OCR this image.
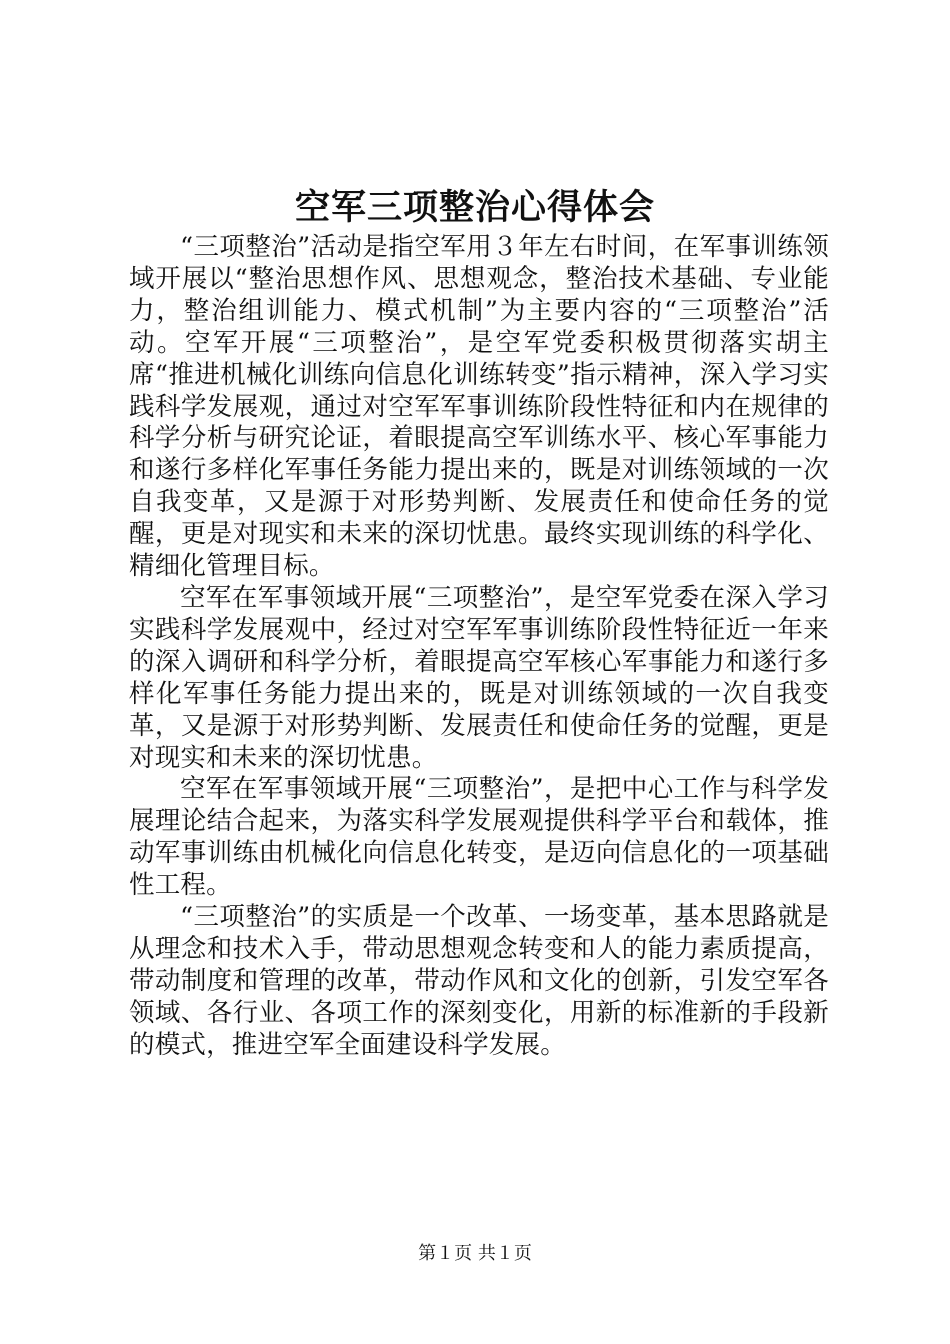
空军三项整治心得体会

“三项整治”活动是指空军用３年左右时间，在军事训练领域开展以“整治思想作风、思想观念，整治技术基础、专业能力，整治组训能力、模式机制”为主要内容的“三项整治”活动。空军开展“三项整治”，是空军党委积极贯彻落实胡主席“推进机械化训练向信息化训练转变”指示精神，深入学习实践科学发展观，通过对空军军事训练阶段性特征和内在规律的科学分析与研究论证，着眼提高空军训练水平、核心军事能力和遂行多样化军事任务能力提出来的，既是对训练领域的一次自我变革，又是源于对形势判断、发展责任和使命任务的觉醒，更是对现实和未来的深切忧患。最终实现训练的科学化、精细化管理目标。

空军在军事领域开展“三项整治”，是空军党委在深入学习实践科学发展观中，经过对空军军事训练阶段性特征近一年来的深入调研和科学分析，着眼提高空军核心军事能力和遂行多样化军事任务能力提出来的，既是对训练领域的一次自我变革，又是源于对形势判断、发展责任和使命任务的觉醒，更是对现实和未来的深切忧患。

空军在军事领域开展“三项整治”，是把中心工作与科学发展理论结合起来，为落实科学发展观提供科学平台和载体，推动军事训练由机械化向信息化转变，是迈向信息化的一项基础性工程。

“三项整治”的实质是一个改革、一场变革，基本思路就是从理念和技术入手，带动思想观念转变和人的能力素质提高，带动制度和管理的改革，带动作风和文化的创新，引发空军各领域、各行业、各项工作的深刻变化，用新的标准新的手段新的模式，推进空军全面建设科学发展。

第１页 共１页
